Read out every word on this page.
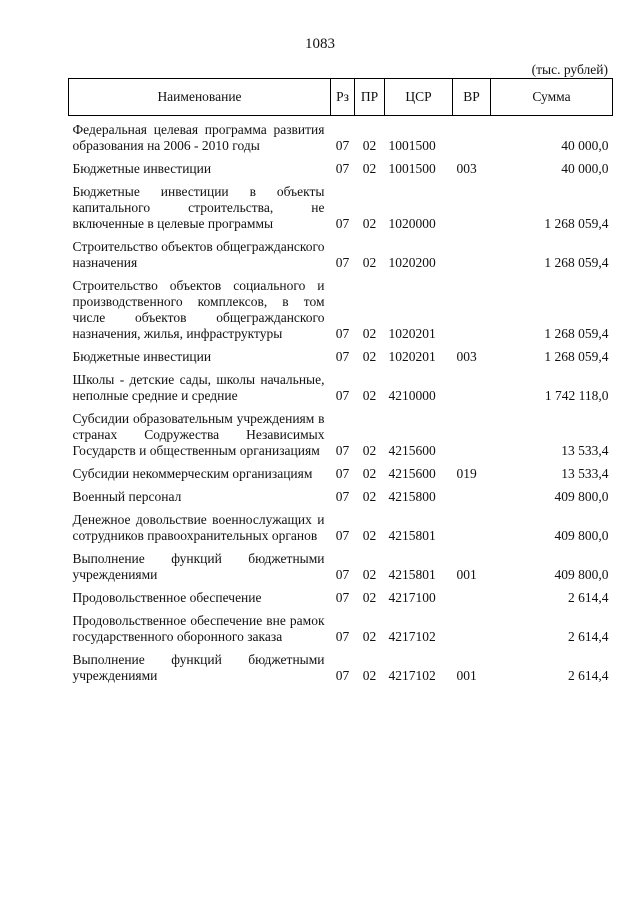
1083
(тыс. рублей)
Наименование	Рз	ПР	ЦСР	ВР	Сумма
Федеральная целевая программа развития образования на 2006 - 2010 годы	07	02	1001500		40 000,0
Бюджетные инвестиции	07	02	1001500	003	40 000,0
Бюджетные инвестиции в объекты капитального строительства, не включенные в целевые программы	07	02	1020000		1 268 059,4
Строительство объектов общегражданского назначения	07	02	1020200		1 268 059,4
Строительство объектов социального и производственного комплексов, в том числе объектов общегражданского назначения, жилья, инфраструктуры	07	02	1020201		1 268 059,4
Бюджетные инвестиции	07	02	1020201	003	1 268 059,4
Школы - детские сады, школы начальные, неполные средние и средние	07	02	4210000		1 742 118,0
Субсидии образовательным учреждениям в странах Содружества Независимых Государств и общественным организациям	07	02	4215600		13 533,4
Субсидии некоммерческим организациям	07	02	4215600	019	13 533,4
Военный персонал	07	02	4215800		409 800,0
Денежное довольствие военнослужащих и сотрудников правоохранительных органов	07	02	4215801		409 800,0
Выполнение функций бюджетными учреждениями	07	02	4215801	001	409 800,0
Продовольственное обеспечение	07	02	4217100		2 614,4
Продовольственное обеспечение вне рамок государственного оборонного заказа	07	02	4217102		2 614,4
Выполнение функций бюджетными учреждениями	07	02	4217102	001	2 614,4
